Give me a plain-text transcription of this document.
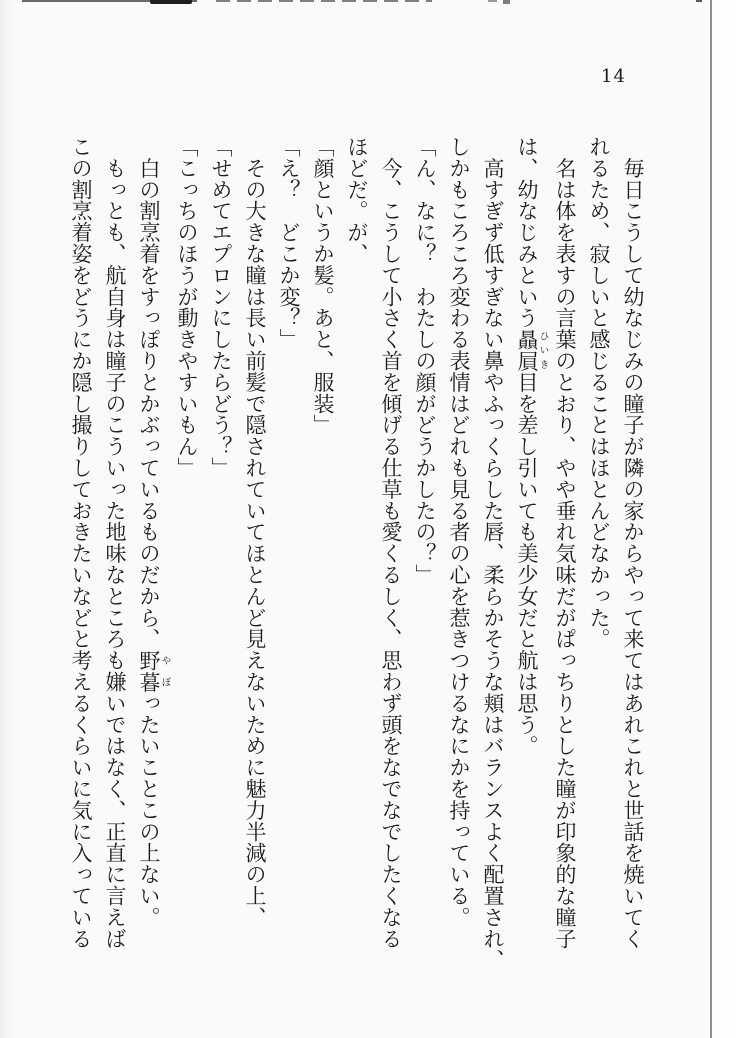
14

　毎日こうして幼なじみの瞳子が隣の家からやって来てはあれこれと世話を焼いてく

れるため、寂しいと感じることはほとんどなかった。

　名は体を表すの言葉のとおり、やや垂れ気味だがぱっちりとした瞳が印象的な瞳子

は、幼なじみという贔屓ひいき目を差し引いても美少女だと航は思う。

　高すぎず低すぎない鼻やふっくらした唇、柔らかそうな頬はバランスよく配置され、

しかもころころ変わる表情はどれも見る者の心を惹きつけるなにかを持っている。

「ん、なに？　わたしの顔がどうかしたの？」

　今、こうして小さく首を傾げる仕草も愛くるしく、思わず頭をなでなでしたくなる

ほどだ。が、

「顔というか髪。あと、服装」

「え？　どこか変？」

　その大きな瞳は長い前髪で隠されていてほとんど見えないために魅力半減の上、

「せめてエプロンにしたらどう？」

「こっちのほうが動きやすいもん」

　白の割烹着をすっぽりとかぶっているものだから、野暮やぼったいことこの上ない。

　もっとも、航自身は瞳子のこういった地味なところも嫌いではなく、正直に言えば

この割烹着姿をどうにか隠し撮りしておきたいなどと考えるくらいに気に入っている
